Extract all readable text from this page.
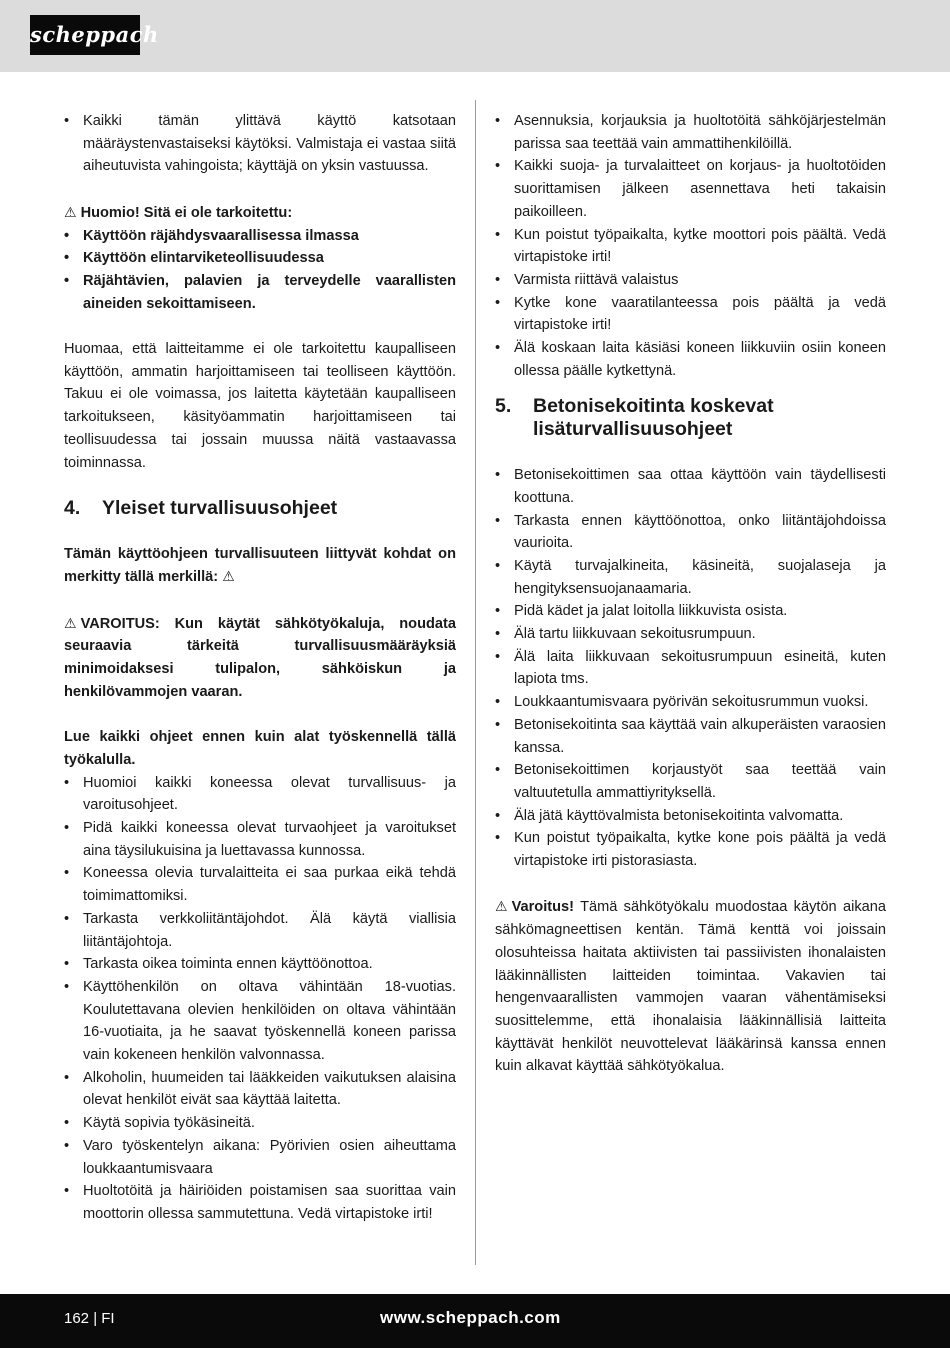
scheppach
• Kaikki tämän ylittävä käyttö katsotaan määräystenvastaiseksi käytöksi. Valmistaja ei vastaa siitä aiheutuvista vahingoista; käyttäjä on yksin vastuussa.

⚠ Huomio! Sitä ei ole tarkoitettu:

• Käyttöön räjähdysvaarallisessa ilmassa
• Käyttöön elintarviketeollisuudessa
• Räjähtävien, palavien ja terveydelle vaarallisten aineiden sekoittamiseen.

Huomaa, että laitteitamme ei ole tarkoitettu kaupalliseen käyttöön, ammatin harjoittamiseen tai teolliseen käyttöön. Takuu ei ole voimassa, jos laitetta käytetään kaupalliseen tarkoitukseen, käsityöammatin harjoittamiseen tai teollisuudessa tai jossain muussa näitä vastaavassa toiminnassa.

4.	Yleiset turvallisuusohjeet

Tämän käyttöohjeen turvallisuuteen liittyvät kohdat on merkitty tällä merkillä: ⚠

⚠ VAROITUS: Kun käytät sähkötyökaluja, noudata seuraavia tärkeitä turvallisuusmääräyksiä minimoidaksesi tulipalon, sähköiskun ja henkilövammojen vaaran.

Lue kaikki ohjeet ennen kuin alat työskennellä tällä työkalulla.

• Huomioi kaikki koneessa olevat turvallisuus- ja varoitusohjeet.
• Pidä kaikki koneessa olevat turvaohjeet ja varoitukset aina täysilukuisina ja luettavassa kunnossa.
• Koneessa olevia turvalaitteita ei saa purkaa eikä tehdä toimimattomiksi.
• Tarkasta verkkoliitäntäjohdot. Älä käytä viallisia liitäntäjohtoja.
• Tarkasta oikea toiminta ennen käyttöönottoa.
• Käyttöhenkilön on oltava vähintään 18-vuotias. Koulutettavana olevien henkilöiden on oltava vähintään 16-vuotiaita, ja he saavat työskennellä koneen parissa vain kokeneen henkilön valvonnassa.
• Alkoholin, huumeiden tai lääkkeiden vaikutuksen alaisina olevat henkilöt eivät saa käyttää laitetta.
• Käytä sopivia työkäsineitä.
• Varo työskentelyn aikana: Pyörivien osien aiheuttama loukkaantumisvaara
• Huoltotöitä ja häiriöiden poistamisen saa suorittaa vain moottorin ollessa sammutettuna. Vedä virtapistoke irti!
• Asennuksia, korjauksia ja huoltotöitä sähköjärjestelmän parissa saa teettää vain ammattihenkilöillä.
• Kaikki suoja- ja turvalaitteet on korjaus- ja huoltotöiden suorittamisen jälkeen asennettava heti takaisin paikoilleen.
• Kun poistut työpaikalta, kytke moottori pois päältä. Vedä virtapistoke irti!
• Varmista riittävä valaistus
• Kytke kone vaaratilanteessa pois päältä ja vedä virtapistoke irti!
• Älä koskaan laita käsiäsi koneen liikkuviin osiin koneen ollessa päälle kytkettynä.
5.	Betonisekoitinta koskevat lisäturvallisuusohjeet
• Betonisekoittimen saa ottaa käyttöön vain täydellisesti koottuna.
• Tarkasta ennen käyttöönottoa, onko liitäntäjohdoissa vaurioita.
• Käytä turvajalkineita, käsineitä, suojalaseja ja hengityksensuojanaamaria.
• Pidä kädet ja jalat loitolla liikkuvista osista.
• Älä tartu liikkuvaan sekoitusrumpuun.
• Älä laita liikkuvaan sekoitusrumpuun esineitä, kuten lapiota tms.
• Loukkaantumisvaara pyörivän sekoitusrummun vuoksi.
• Betonisekoitinta saa käyttää vain alkuperäisten varaosien kanssa.
• Betonisekoittimen korjaustyöt saa teettää vain valtuutetulla ammattiyrityksellä.
• Älä jätä käyttövalmista betonisekoitinta valvomatta.
• Kun poistut työpaikalta, kytke kone pois päältä ja vedä virtapistoke irti pistorasiasta.

⚠ Varoitus! Tämä sähkötyökalu muodostaa käytön aikana sähkömagneettisen kentän. Tämä kenttä voi joissain olosuhteissa haitata aktiivisten tai passiivisten ihonalaisten lääkinnällisten laitteiden toimintaa. Vakavien tai hengenvaarallisten vammojen vaaran vähentämiseksi suosittelemme, että ihonalaisia lääkinnällisiä laitteita käyttävät henkilöt neuvottelevat lääkärinsä kanssa ennen kuin alkavat käyttää sähkötyökalua.

162 | FI	www.scheppach.com
